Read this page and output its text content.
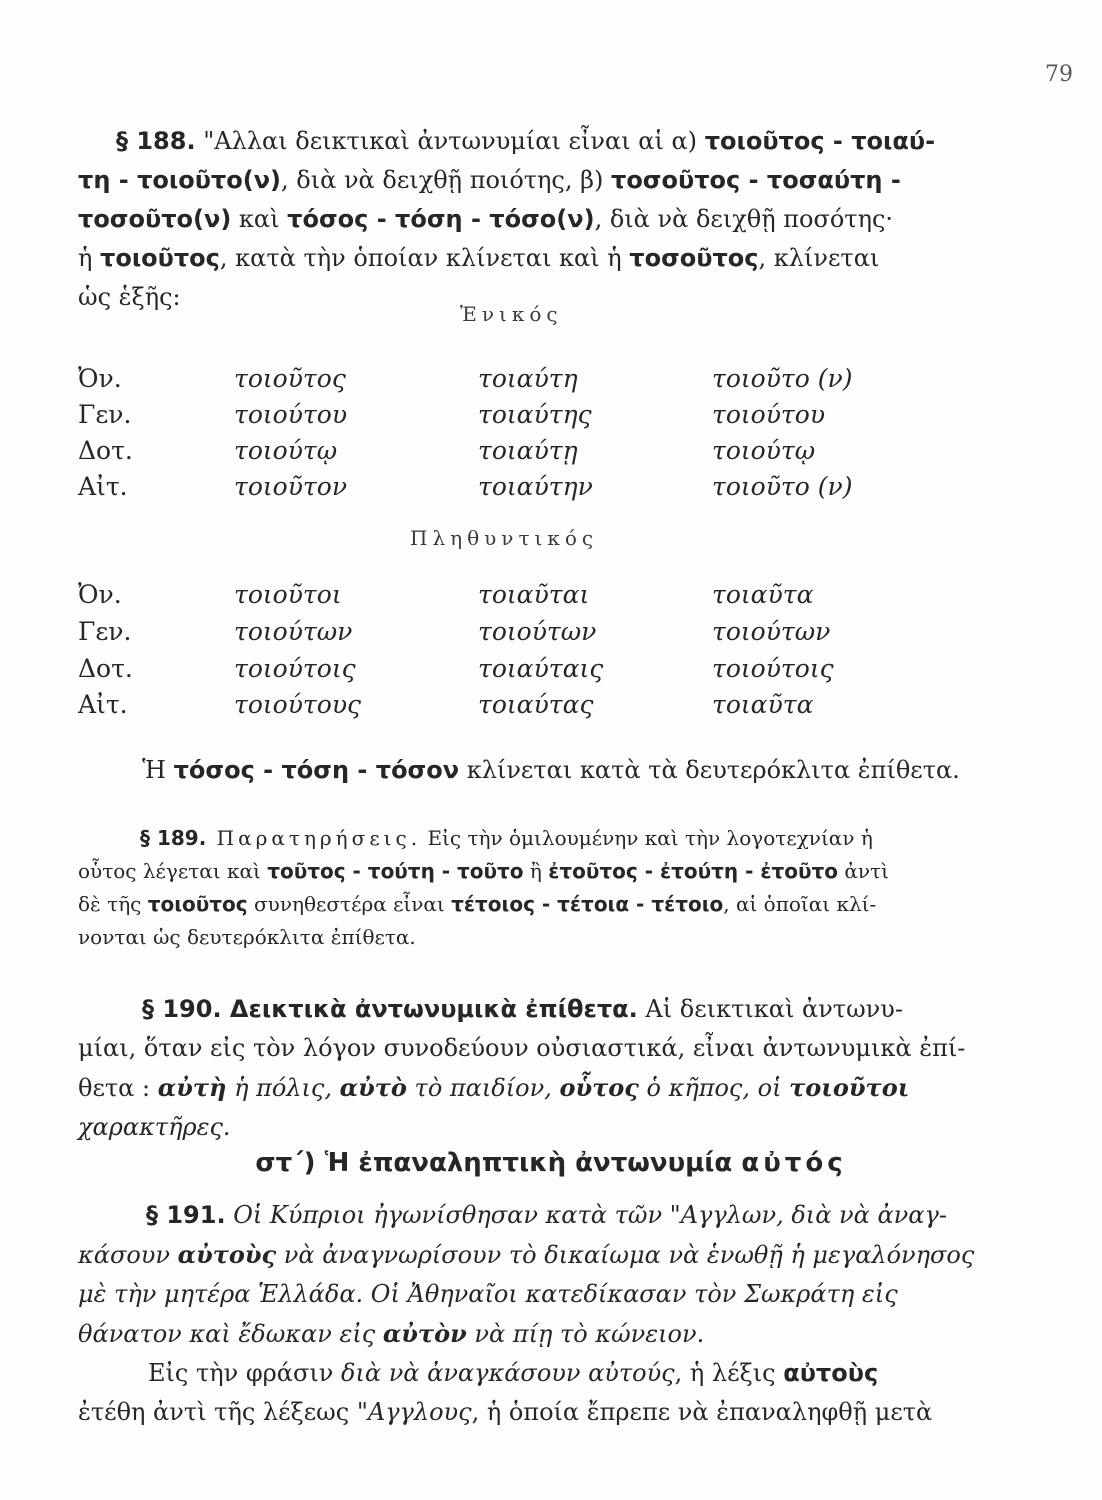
79
§ 188. "Αλλαι δεικτικαὶ ἀντωνυμίαι εἶναι αἱ α) τοιοῦτος - τοιαύ-
τη - τοιοῦτο(ν), διὰ νὰ δειχθῇ ποιότης, β) τοσοῦτος - τοσαύτη -
τοσοῦτο(ν) καὶ τόσος - τόση - τόσο(ν), διὰ νὰ δειχθῇ ποσότης·
ἡ τοιοῦτος, κατὰ τὴν ὁποίαν κλίνεται καὶ ἡ τοσοῦτος, κλίνεται
ὡς ἑξῆς:
Ἑνικός
Ὀν.	τοιοῦτος	τοιαύτη	τοιοῦτο (ν)
Γεν.	τοιούτου	τοιαύτης	τοιούτου
Δοτ.	τοιούτῳ	τοιαύτῃ	τοιούτῳ
Αἰτ.	τοιοῦτον	τοιαύτην	τοιοῦτο (ν)
Πληθυντικός
Ὀν.	τοιοῦτοι	τοιαῦται	τοιαῦτα
Γεν.	τοιούτων	τοιούτων	τοιούτων
Δοτ.	τοιούτοις	τοιαύταις	τοιούτοις
Αἰτ.	τοιούτους	τοιαύτας	τοιαῦτα
Ἡ τόσος - τόση - τόσον κλίνεται κατὰ τὰ δευτερόκλιτα ἐπίθετα.
§ 189. Παρατηρήσεις. Εἰς τὴν ὁμιλουμένην καὶ τὴν λογοτεχνίαν ἡ
οὗτος λέγεται καὶ τοῦτος - τούτη - τοῦτο ἢ ἐτοῦτος - ἐτούτη - ἐτοῦτο ἀντὶ
δὲ τῆς τοιοῦτος συνηθεστέρα εἶναι τέτοιος - τέτοια - τέτοιο, αἱ ὁποῖαι κλί-
νονται ὡς δευτερόκλιτα ἐπίθετα.
§ 190. Δεικτικὰ ἀντωνυμικὰ ἐπίθετα. Αἱ δεικτικαὶ ἀντωνυ-
μίαι, ὅταν εἰς τὸν λόγον συνοδεύουν οὐσιαστικά, εἶναι ἀντωνυμικὰ ἐπί-
θετα : αὐτὴ ἡ πόλις, αὐτὸ τὸ παιδίον, οὗτος ὁ κῆπος, οἱ τοιοῦτοι
χαρακτῆρες.
στ΄) Ἡ ἐπαναληπτικὴ ἀντωνυμία αὐτός
§ 191. Οἱ Κύπριοι ἠγωνίσθησαν κατὰ τῶν "Αγγλων, διὰ νὰ ἀναγ-
κάσουν αὐτοὺς νὰ ἀναγνωρίσουν τὸ δικαίωμα νὰ ἑνωθῇ ἡ μεγαλόνησος
μὲ τὴν μητέρα Ἑλλάδα. Οἱ Ἀθηναῖοι κατεδίκασαν τὸν Σωκράτη εἰς
θάνατον καὶ ἔδωκαν εἰς αὐτὸν νὰ πίῃ τὸ κώνειον.
Εἰς τὴν φράσιν διὰ νὰ ἀναγκάσουν αὐτούς, ἡ λέξις αὐτοὺς
ἐτέθη ἀντὶ τῆς λέξεως "Αγγλους, ἡ ὁποία ἔπρεπε νὰ ἐπαναληφθῇ μετὰ
